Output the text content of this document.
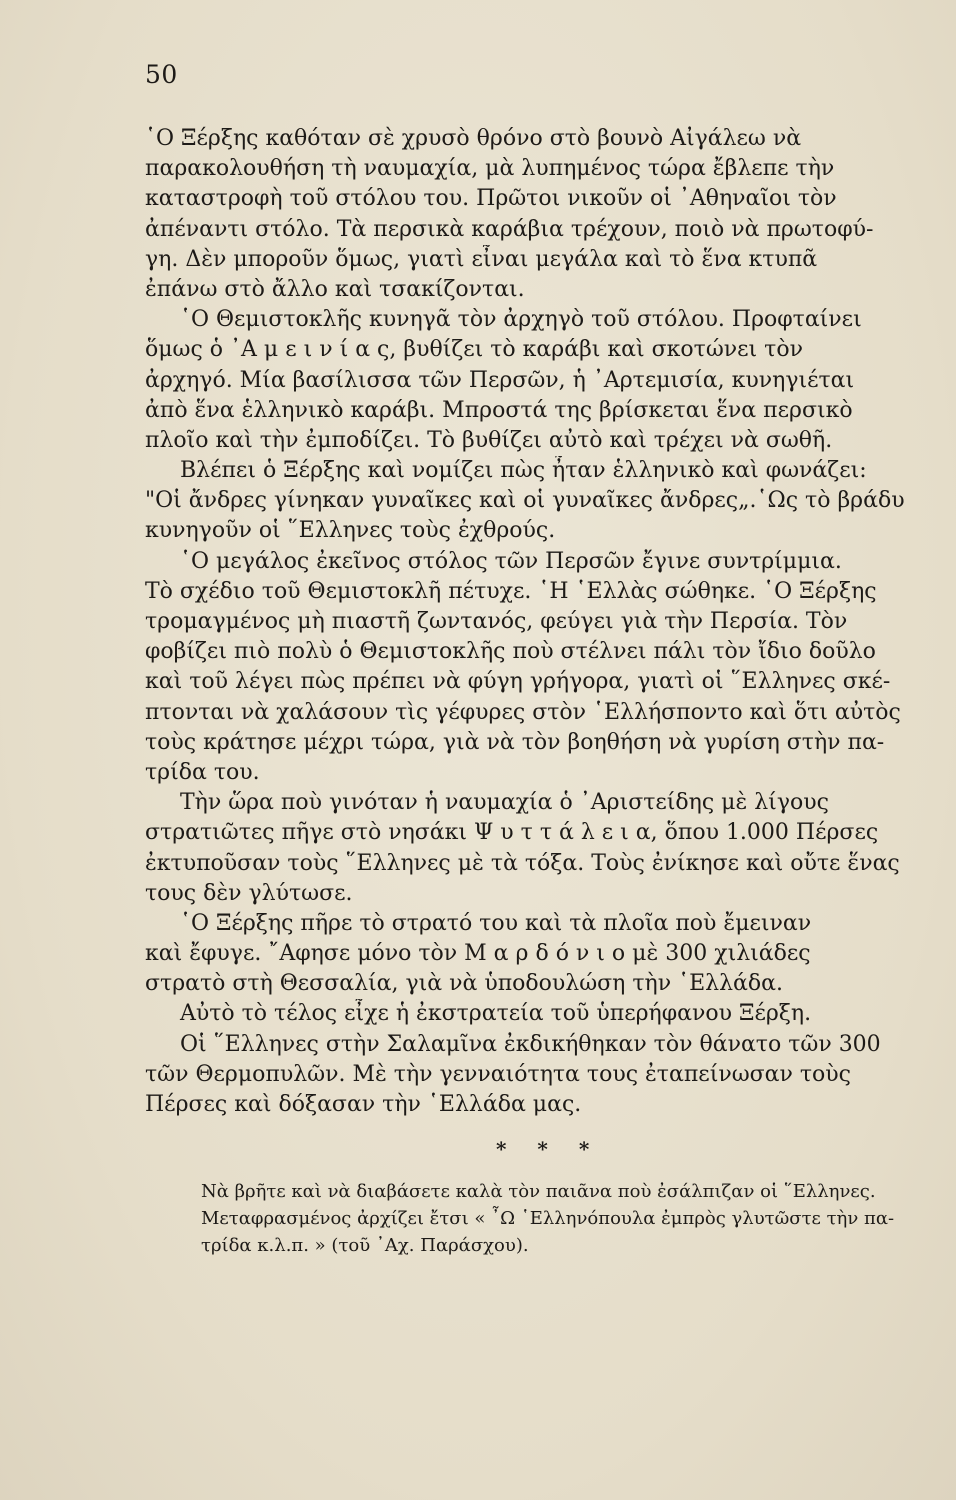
50
῾Ο Ξέρξης καθόταν σὲ χρυσὸ θρόνο στὸ βουνὸ Αἰγάλεω νὰ
παρακολουθήση τὴ ναυμαχία, μὰ λυπημένος τώρα ἔβλεπε τὴν
καταστροφὴ τοῦ στόλου του. Πρῶτοι νικοῦν οἱ ᾿Αθηναῖοι τὸν
ἀπέναντι στόλο. Τὰ περσικὰ καράβια τρέχουν, ποιὸ νὰ πρωτοφύ-
γη. Δὲν μποροῦν ὅμως, γιατὶ εἶναι μεγάλα καὶ τὸ ἕνα κτυπᾶ
ἐπάνω στὸ ἄλλο καὶ τσακίζονται.
῾Ο Θεμιστοκλῆς κυνηγᾶ τὸν ἀρχηγὸ τοῦ στόλου. Προφταίνει
ὅμως ὁ ᾿Α μ ε ι ν ί α ς, βυθίζει τὸ καράβι καὶ σκοτώνει τὸν
ἀρχηγό. Μία βασίλισσα τῶν Περσῶν, ἡ ᾿Αρτεμισία, κυνηγιέται
ἀπὸ ἕνα ἑλληνικὸ καράβι. Μπροστά της βρίσκεται ἕνα περσικὸ
πλοῖο καὶ τὴν ἐμποδίζει. Τὸ βυθίζει αὐτὸ καὶ τρέχει νὰ σωθῆ.
Βλέπει ὁ Ξέρξης καὶ νομίζει πὼς ἦταν ἑλληνικὸ καὶ φωνάζει:
"Οἱ ἄνδρες γίνηκαν γυναῖκες καὶ οἱ γυναῖκες ἄνδρες„.῾Ως τὸ βράδυ
κυνηγοῦν οἱ ῞Ελληνες τοὺς ἐχθρούς.
῾Ο μεγάλος ἐκεῖνος στόλος τῶν Περσῶν ἔγινε συντρίμμια.
Τὸ σχέδιο τοῦ Θεμιστοκλῆ πέτυχε. ῾Η ῾Ελλὰς σώθηκε. ῾Ο Ξέρξης
τρομαγμένος μὴ πιαστῆ ζωντανός, φεύγει γιὰ τὴν Περσία. Τὸν
φοβίζει πιὸ πολὺ ὁ Θεμιστοκλῆς ποὺ στέλνει πάλι τὸν ἴδιο δοῦλο
καὶ τοῦ λέγει πὼς πρέπει νὰ φύγη γρήγορα, γιατὶ οἱ ῞Ελληνες σκέ-
πτονται νὰ χαλάσουν τὶς γέφυρες στὸν ῾Ελλήσποντο καὶ ὅτι αὐτὸς
τοὺς κράτησε μέχρι τώρα, γιὰ νὰ τὸν βοηθήση νὰ γυρίση στὴν πα-
τρίδα του.
Τὴν ὥρα ποὺ γινόταν ἡ ναυμαχία ὁ ᾿Αριστείδης μὲ λίγους
στρατιῶτες πῆγε στὸ νησάκι Ψ υ τ τ ά λ ε ι α, ὅπου 1.000 Πέρσες
ἐκτυποῦσαν τοὺς ῞Ελληνες μὲ τὰ τόξα. Τοὺς ἐνίκησε καὶ οὔτε ἕνας
τους δὲν γλύτωσε.
῾Ο Ξέρξης πῆρε τὸ στρατό του καὶ τὰ πλοῖα ποὺ ἔμειναν
καὶ ἔφυγε. ῎Αφησε μόνο τὸν Μ α ρ δ ό ν ι ο μὲ 300 χιλιάδες
στρατὸ στὴ Θεσσαλία, γιὰ νὰ ὑποδουλώση τὴν ῾Ελλάδα.
Αὐτὸ τὸ τέλος εἶχε ἡ ἐκστρατεία τοῦ ὑπερήφανου Ξέρξη.
Οἱ ῞Ελληνες στὴν Σαλαμῖνα ἐκδικήθηκαν τὸν θάνατο τῶν 300
τῶν Θερμοπυλῶν. Μὲ τὴν γενναιότητα τους ἐταπείνωσαν τοὺς
Πέρσες καὶ δόξασαν τὴν ῾Ελλάδα μας.
* * *
Νὰ βρῆτε καὶ νὰ διαβάσετε καλὰ τὸν παιᾶνα ποὺ ἐσάλπιζαν οἱ ῞Ελληνες.
Μεταφρασμένος ἀρχίζει ἔτσι « ῏Ω ῾Ελληνόπουλα ἐμπρὸς γλυτῶστε τὴν πα-
τρίδα κ.λ.π. » (τοῦ ᾿Αχ. Παράσχου).
